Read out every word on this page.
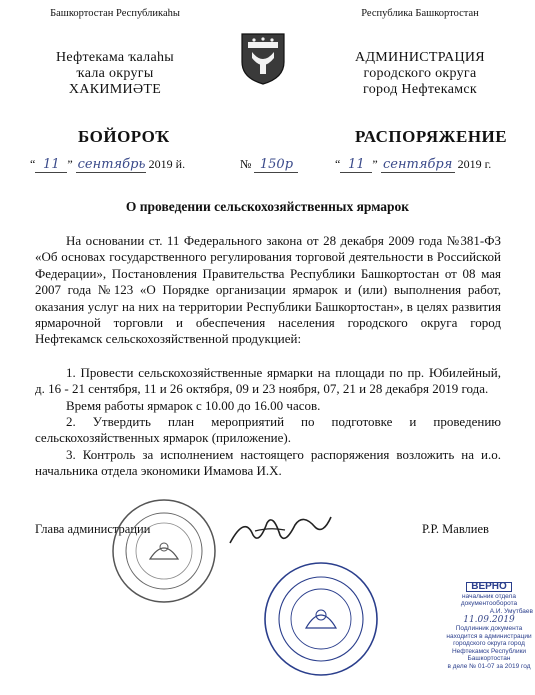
Башкортостан Республикаһы	Республика Башкортостан
Нефтекама ҡалаһы
ҡала округы
ХАКИМИӘТЕ
АДМИНИСТРАЦИЯ
городского округа
город Нефтекамск
БОЙОРОҠ	РАСПОРЯЖЕНИЕ
“ 11 ” сентябрь 2019 й.	№ 150р	“ 11 ” сентября 2019 г.
О проведении сельскохозяйственных ярмарок

На основании ст. 11 Федерального закона от 28 декабря 2009 года №381-ФЗ «Об основах государственного регулирования торговой деятельности в Российской Федерации», Постановления Правительства Республики Башкортостан от 08 мая 2007 года №123 «О Порядке организации ярмарок и (или) выполнения работ, оказания услуг на них на территории Республики Башкортостан», в целях развития ярмарочной торговли и обеспечения населения городского округа город Нефтекамск сельскохозяйственной продукцией:

1. Провести сельскохозяйственные ярмарки на площади по пр. Юбилейный, д. 16 - 21 сентября, 11 и 26 октября, 09 и 23 ноября, 07, 21 и 28 декабря 2019 года.

Время работы ярмарок с 10.00 до 16.00 часов.

2. Утвердить план мероприятий по подготовке и проведению сельскохозяйственных ярмарок (приложение).

3. Контроль за исполнением настоящего распоряжения возложить на и.о. начальника отдела экономики Имамова И.Х.

Глава администрации	Р.Р. Мавлиев
ВЕРНО
начальник отдела документооборота
А.И. Умутбаев
11.09.2019
Подлинник документа находится в администрации городского округа город Нефтекамск Республики Башкортостан
в деле № 01-07 за 2019 год
